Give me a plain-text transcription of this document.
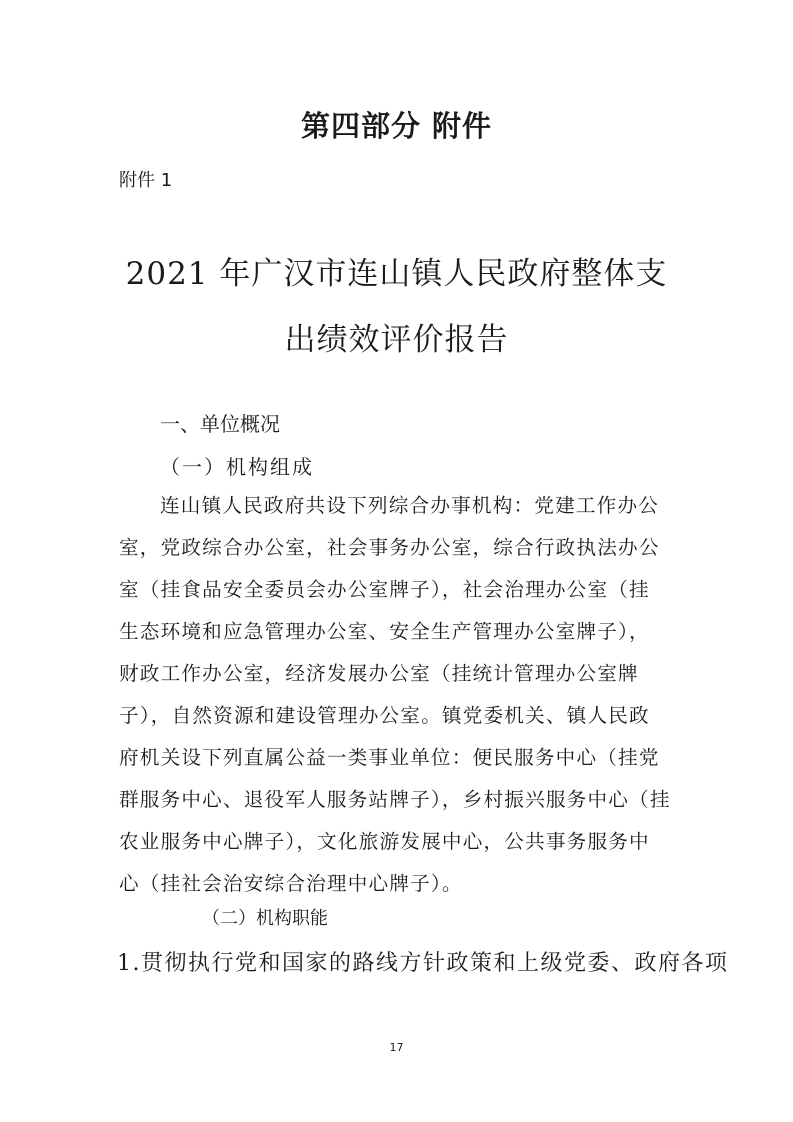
第四部分 附件
附件 1
2021 年广汉市连山镇人民政府整体支
出绩效评价报告
一、单位概况
（一）机构组成
连山镇人民政府共设下列综合办事机构：党建工作办公
室，党政综合办公室，社会事务办公室，综合行政执法办公
室（挂食品安全委员会办公室牌子），社会治理办公室（挂
生态环境和应急管理办公室、安全生产管理办公室牌子），
财政工作办公室，经济发展办公室（挂统计管理办公室牌
子），自然资源和建设管理办公室。镇党委机关、镇人民政
府机关设下列直属公益一类事业单位：便民服务中心（挂党
群服务中心、退役军人服务站牌子），乡村振兴服务中心（挂
农业服务中心牌子），文化旅游发展中心，公共事务服务中
心（挂社会治安综合治理中心牌子）。
（二）机构职能
1.贯彻执行党和国家的路线方针政策和上级党委、政府各项
17
